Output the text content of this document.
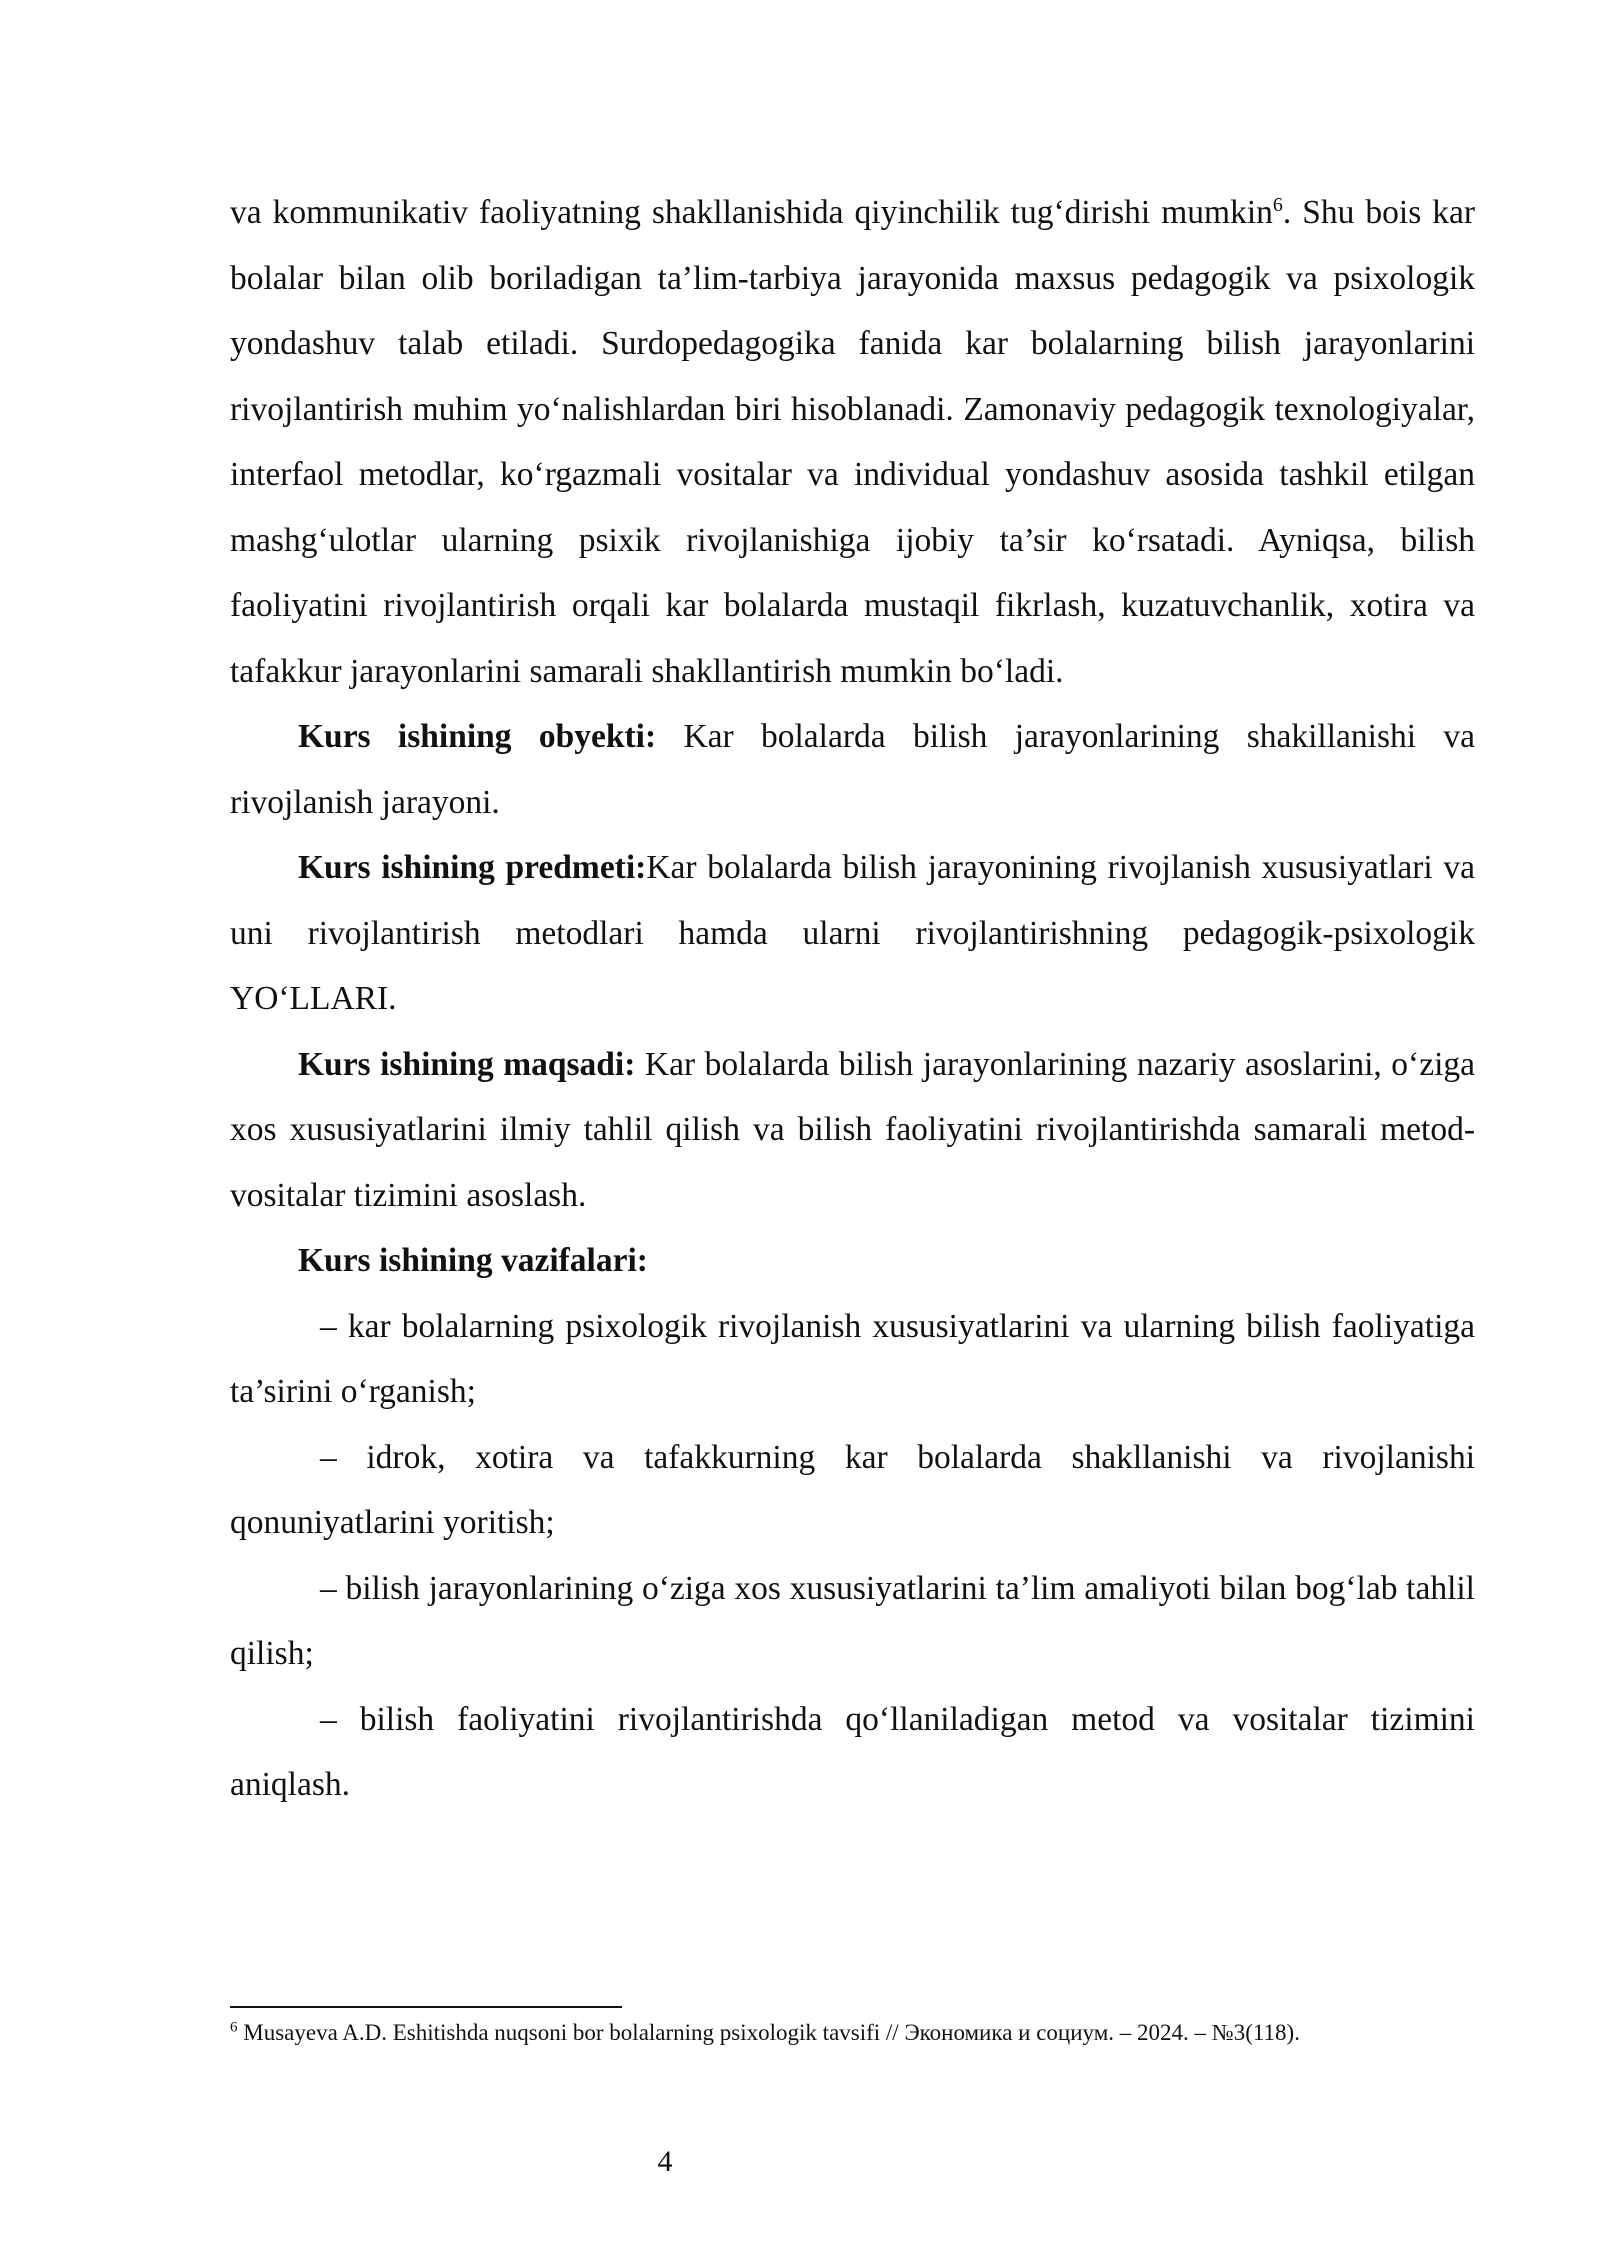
va kommunikativ faoliyatning shakllanishida qiyinchilik tug‘dirishi mumkin$^6$. Shu bois kar bolalar bilan olib boriladigan ta’lim-tarbiya jarayonida maxsus pedagogik va psixologik yondashuv talab etiladi. Surdopedagogika fanida kar bolalarning bilish jarayonlarini rivojlantirish muhim yo‘nalishlardan biri hisoblanadi. Zamonaviy pedagogik texnologiyalar, interfaol metodlar, ko‘rgazmali vositalar va individual yondashuv asosida tashkil etilgan mashg‘ulotlar ularning psixik rivojlanishiga ijobiy ta’sir ko‘rsatadi. Ayniqsa, bilish faoliyatini rivojlantirish orqali kar bolalarda mustaqil fikrlash, kuzatuvchanlik, xotira va tafakkur jarayonlarini samarali shakllantirish mumkin bo‘ladi.

Kurs ishining obyekti: Kar bolalarda bilish jarayonlarining shakillanishi va rivojlanish jarayoni.

Kurs ishining predmeti:Kar bolalarda bilish jarayonining rivojlanish xususiyatlari va uni rivojlantirish metodlari hamda ularni rivojlantirishning pedagogik-psixologik YO‘LLARI.

Kurs ishining maqsadi: Kar bolalarda bilish jarayonlarining nazariy asoslarini, o‘ziga xos xususiyatlarini ilmiy tahlil qilish va bilish faoliyatini rivojlantirishda samarali metod-vositalar tizimini asoslash.

Kurs ishining vazifalari:

– kar bolalarning psixologik rivojlanish xususiyatlarini va ularning bilish faoliyatiga ta’sirini o‘rganish;

– idrok, xotira va tafakkurning kar bolalarda shakllanishi va rivojlanishi qonuniyatlarini yoritish;

– bilish jarayonlarining o‘ziga xos xususiyatlarini ta’lim amaliyoti bilan bog‘lab tahlil qilish;

– bilish faoliyatini rivojlantirishda qo‘llaniladigan metod va vositalar tizimini aniqlash.

$^6$ Musayeva A.D. Eshitishda nuqsoni bor bolalarning psixologik tavsifi // Экономика и социум. – 2024. – №3(118).

4
